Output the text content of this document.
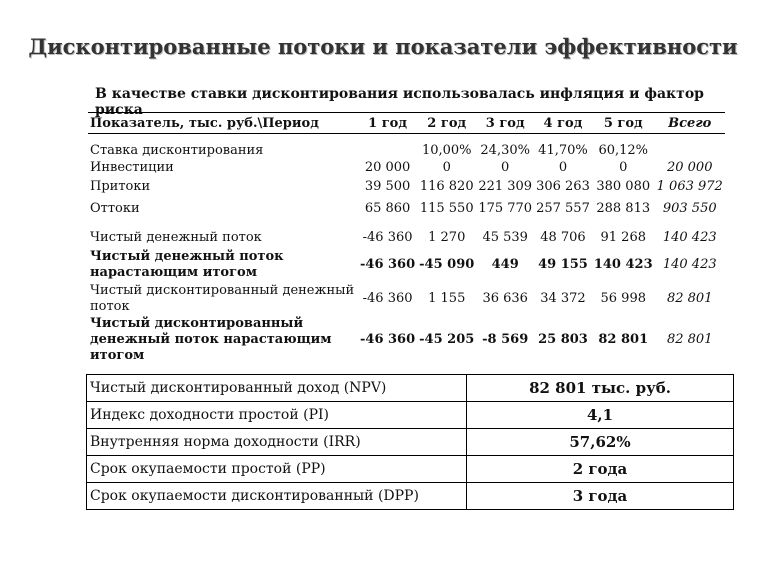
Дисконтированные потоки и показатели эффективности
В качестве ставки дисконтирования использовалась инфляция и фактор риска
Показатель, тыс. руб.\Период	1 год	2 год	3 год	4 год	5 год	Всего

Ставка дисконтирования		10,00%	24,30%	41,70%	60,12%	
Инвестиции	20 000	0	0	0	0	20 000
Притоки	39 500	116 820	221 309	306 263	380 080	1 063 972
Оттоки	65 860	115 550	175 770	257 557	288 813	903 550

Чистый денежный поток	-46 360	1 270	45 539	48 706	91 268	140 423
Чистый денежный поток нарастающим итогом	-46 360	-45 090	449	49 155	140 423	140 423
Чистый дисконтированный денежный поток	-46 360	1 155	36 636	34 372	56 998	82 801
Чистый дисконтированный денежный поток нарастающим итогом	-46 360	-45 205	-8 569	25 803	82 801	82 801
Чистый дисконтированный доход (NPV)	82 801 тыс. руб.
Индекс доходности простой (PI)	4,1
Внутренняя норма доходности (IRR)	57,62%
Срок окупаемости простой (PP)	2 года
Срок окупаемости дисконтированный (DPP)	3 года
